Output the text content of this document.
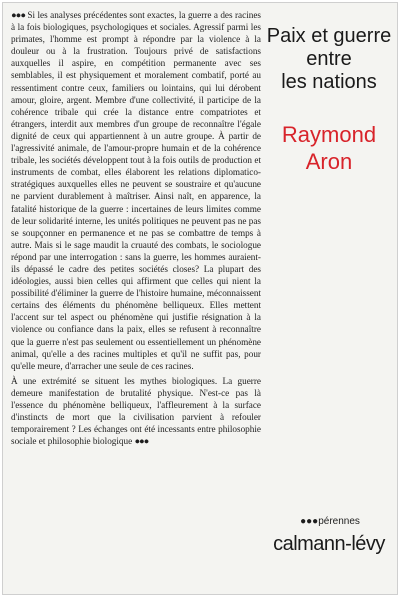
●●● Si les analyses précédentes sont exactes, la guerre a des racines à la fois biologiques, psychologiques et sociales. Agressif parmi les primates, l'homme est prompt à répondre par la violence à la douleur ou à la frustration. Toujours privé de satisfactions auxquelles il aspire, en compétition permanente avec ses semblables, il est physiquement et moralement combatif, porté au ressentiment contre ceux, familiers ou lointains, qui lui dérobent amour, gloire, argent. Membre d'une collectivité, il participe de la cohérence tribale qui crée la distance entre compatriotes et étrangers, interdit aux membres d'un groupe de reconnaître l'égale dignité de ceux qui appartiennent à un autre groupe. À partir de l'agressivité animale, de l'amour-propre humain et de la cohérence tribale, les sociétés développent tout à la fois outils de production et instruments de combat, elles élaborent les relations diplomatico-stratégiques auxquelles elles ne peuvent se soustraire et qu'aucune ne parvient durablement à maîtriser. Ainsi naît, en apparence, la fatalité historique de la guerre : incertaines de leurs limites comme de leur solidarité interne, les unités politiques ne peuvent pas ne pas se soupçonner en permanence et ne pas se combattre de temps à autre. Mais si le sage maudit la cruauté des combats, le sociologue répond par une interrogation : sans la guerre, les hommes auraient-ils dépassé le cadre des petites sociétés closes? La plupart des idéologies, aussi bien celles qui affirment que celles qui nient la possibilité d'éliminer la guerre de l'histoire humaine, méconnaissent certains des éléments du phénomène belliqueux. Elles mettent l'accent sur tel aspect ou phénomène qui justifie résignation à la violence ou confiance dans la paix, elles se refusent à reconnaître que la guerre n'est pas seulement ou essentiellement un phénomène animal, qu'elle a des racines multiples et qu'il ne suffit pas, pour qu'elle meure, d'arracher une seule de ces racines.

À une extrémité se situent les mythes biologiques. La guerre demeure manifestation de brutalité physique. N'est-ce pas là l'essence du phénomène belliqueux, l'affleurement à la surface d'instincts de mort que la civilisation parvient à refouler temporairement ? Les échanges ont été incessants entre philosophie sociale et philosophie biologique ●●●

Paix et guerre
entre
les nations
Raymond
Aron
●●●pérennes
calmann-lévy
